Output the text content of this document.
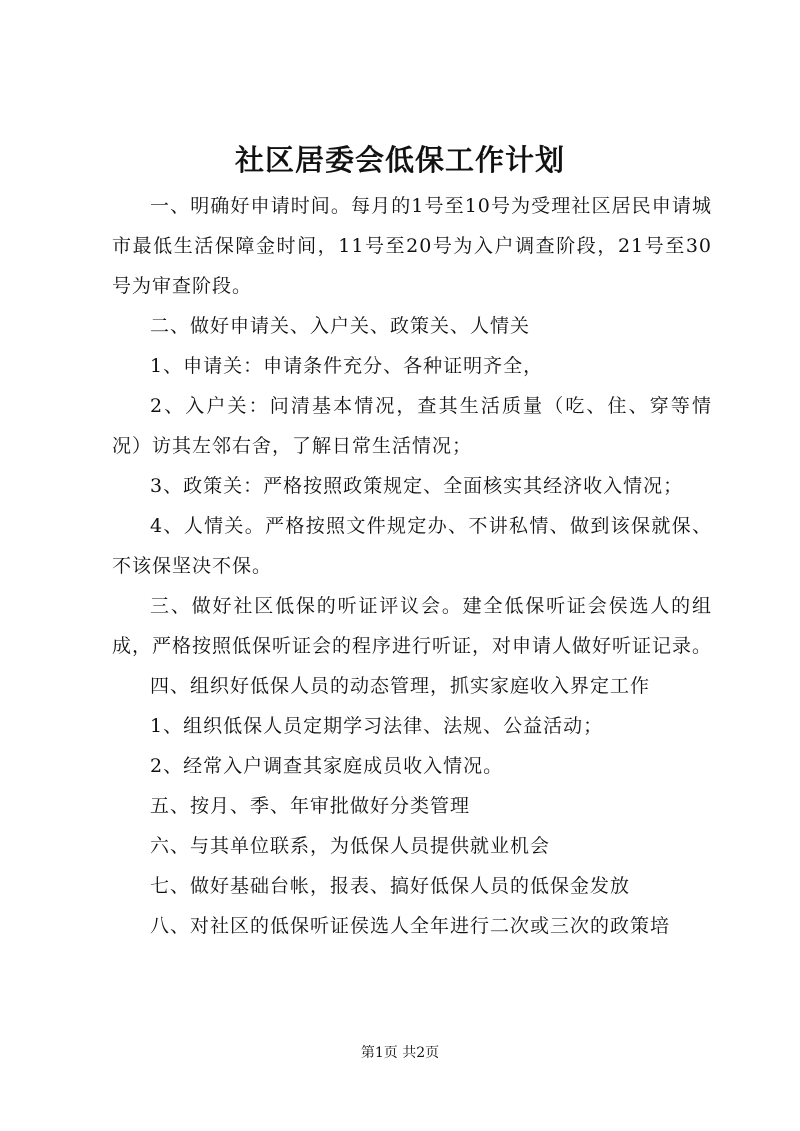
社区居委会低保工作计划

一、明确好申请时间。每月的1号至10号为受理社区居民申请城市最低生活保障金时间，11号至20号为入户调查阶段，21号至30号为审查阶段。

二、做好申请关、入户关、政策关、人情关

1、申请关：申请条件充分、各种证明齐全，

2、入户关：问清基本情况，查其生活质量（吃、住、穿等情况）访其左邻右舍，了解日常生活情况；

3、政策关：严格按照政策规定、全面核实其经济收入情况；

4、人情关。严格按照文件规定办、不讲私情、做到该保就保、不该保坚决不保。

三、做好社区低保的听证评议会。建全低保听证会侯选人的组成，严格按照低保听证会的程序进行听证，对申请人做好听证记录。

四、组织好低保人员的动态管理，抓实家庭收入界定工作

1、组织低保人员定期学习法律、法规、公益活动；

2、经常入户调查其家庭成员收入情况。

五、按月、季、年审批做好分类管理

六、与其单位联系，为低保人员提供就业机会

七、做好基础台帐，报表、搞好低保人员的低保金发放

八、对社区的低保听证侯选人全年进行二次或三次的政策培

第1页 共2页
